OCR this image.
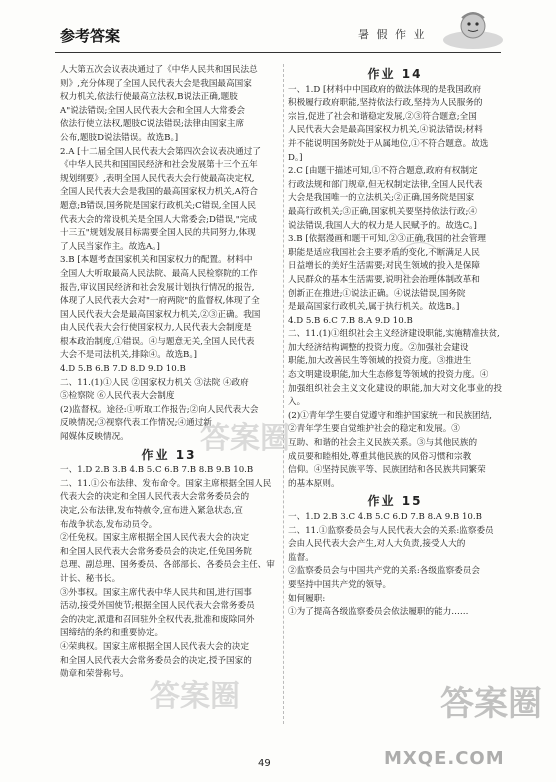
参考答案	暑 假 作 业

人大第五次会议表决通过了《中华人民共和国民法总

则》,充分体现了全国人民代表大会是我国最高国家

权力机关,依法行使最高立法权,B说法正确,题肢

A"说法错误;全国人民代表大会和全国人大常委会

依法行使立法权,题肢C说法错误;法律由国家主席

公布,题肢D说法错误。故选B。]

2.A [十二届全国人民代表大会第四次会议表决通过了

《中华人民共和国国民经济和社会发展第十三个五年

规划纲要》,表明全国人民代表大会行使最高决定权,

全国人民代表大会是我国的最高国家权力机关,A符合

题意;B错误,国务院是国家行政机关;C错误,全国人民

代表大会的常设机关是全国人大常委会;D错误,"完成

十三五"规划发展目标需要全国人民的共同努力,体现

了人民当家作主。故选A。]

3.B [本题考查国家机关和国家权力的配置。材料中

全国人大听取最高人民法院、最高人民检察院的工作

报告,审议国民经济和社会发展计划执行情况的报告,

体现了人民代表大会对"一府两院"的监督权,体现了全

国人民代表大会是最高国家权力机关,②③正确。我国

由人民代表大会行使国家权力,人民代表大会制度是

根本政治制度,①错误。④与题意无关,全国人民代表

大会不是司法机关,排除④。故选B。]

4.D 5.B 6.B 7.D 8.D 9.D 10.B

二、11.(1)①人民 ②国家权力机关 ③法院 ④政府

⑤检察院 ⑥人民代表大会制度

(2)监督权。途径:①听取工作报告;②向人民代表大会

反映情况;③视察代表工作情况;④通过新

闻媒体反映情况。

作业 13

一、1.D 2.B 3.B 4.B 5.C 6.B 7.B 8.B 9.B 10.B

二、11.①公布法律、发布命令。国家主席根据全国人民

代表大会的决定和全国人民代表大会常务委员会的

决定,公布法律,发布特赦令,宣布进入紧急状态,宣

布战争状态,发布动员令。

②任免权。国家主席根据全国人民代表大会的决定

和全国人民代表大会常务委员会的决定,任免国务院

总理、副总理、国务委员、各部部长、各委员会主任、审

计长、秘书长。

③外事权。国家主席代表中华人民共和国,进行国事

活动,接受外国使节;根据全国人民代表大会常务委员

会的决定,派遣和召回驻外全权代表,批准和废除同外

国缔结的条约和重要协定。

④荣典权。国家主席根据全国人民代表大会的决定

和全国人民代表大会常务委员会的决定,授予国家的

勋章和荣誉称号。

作业 14

一、1.D [材料中中国政府的做法体现的是我国政府

积极履行政府职能,坚持依法行政,坚持为人民服务的

宗旨,促进了社会和谐稳定发展,②③符合题意;全国

人民代表大会是最高国家权力机关,④说法错误;材料

并不能说明国务院处于从属地位,①不符合题意。故选

D。]

2.C [由题干描述可知,①不符合题意,政府有权制定

行政法规和部门规章,但无权制定法律,全国人民代表

大会是我国唯一的立法机关;②正确,国务院是国家

最高行政机关;③正确,国家机关要坚持依法行政;④

说法错误,我国人大的权力是人民赋予的。故选C。]

3.B [依据漫画和题干可知,②③正确,我国的社会管理

职能是适应我国社会主要矛盾的变化,不断满足人民

日益增长的美好生活需要;对民生领域的投入是保障

人民群众的基本生活需要,说明社会治理体制改革和

创新正在推进;①说法正确。④说法错误,国务院

是最高国家行政机关,属于执行机关。故选B。]

4.D 5.B 6.C 7.B 8.A 9.D 10.B

二、11.(1)①组织社会主义经济建设职能,实施精准扶贫,

加大经济结构调整的投资力度。②加强社会建设

职能,加大改善民生等领域的投资力度。③推进生

态文明建设职能,加大生态修复等领域的投资力度。④

加强组织社会主义文化建设的职能,加大对文化事业的投入。

(2)①青年学生要自觉遵守和维护国家统一和民族团结,

②青年学生要自觉维护社会的稳定和发展。③

互助、和谐的社会主义民族关系。③与其他民族的

成员要和睦相处,尊重其他民族的风俗习惯和宗教

信仰。④坚持民族平等、民族团结和各民族共同繁荣

的基本原则。

作业 15

一、1.D 2.B 3.C 4.B 5.C 6.D 7.B 8.A 9.B 10.B

二、11.①监察委员会与人民代表大会的关系:监察委员

会由人民代表大会产生,对人大负责,接受人大的

监督。

②监察委员会与中国共产党的关系:各级监察委员会

要坚持中国共产党的领导。

如何履职:

①为了提高各级监察委员会依法履职的能力……

答案圈
答案圈	答案圈
MXQE.COM
49
